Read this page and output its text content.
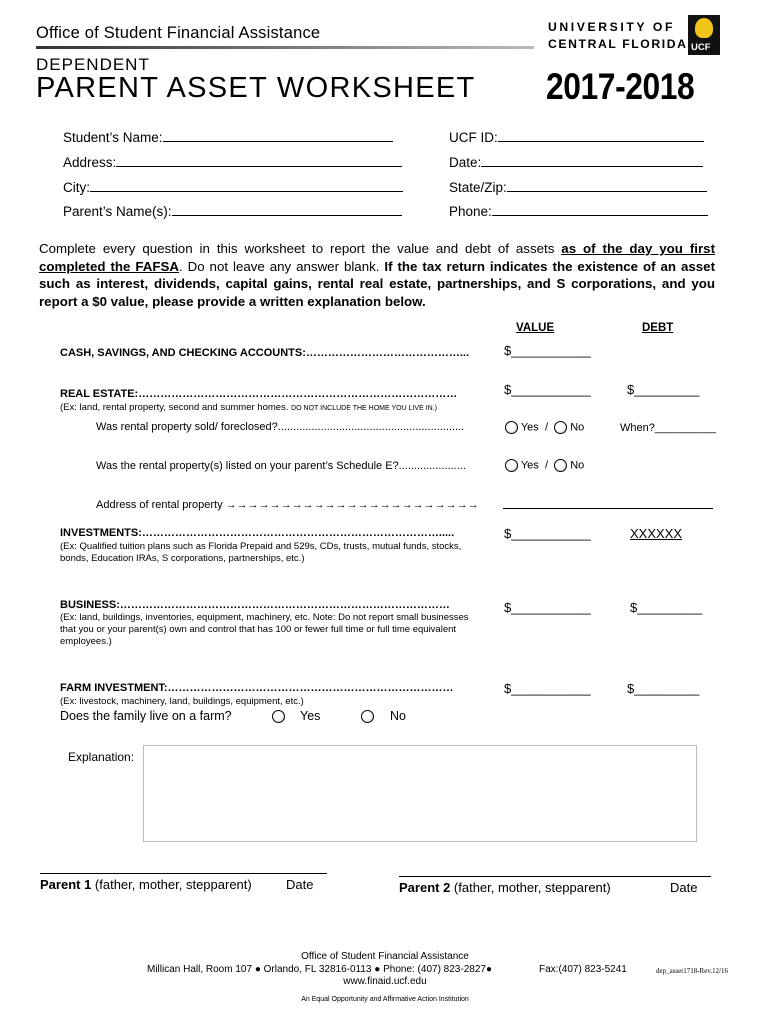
Office of Student Financial Assistance
DEPENDENT
PARENT ASSET WORKSHEET 2017-2018
UNIVERSITY OF
CENTRAL FLORIDA UCF
Student’s Name:
Address:
City:
Parent’s Name(s):
UCF ID:
Date:
State/Zip:
Phone:
Complete every question in this worksheet to report the value and debt of assets as of the day you first completed the FAFSA. Do not leave any answer blank. If the tax return indicates the existence of an asset such as interest, dividends, capital gains, rental real estate, partnerships, and S corporations, and you report a $0 value, please provide a written explanation below.
VALUE	DEBT
CASH, SAVINGS, AND CHECKING ACCOUNTS:……………………………………...	$___________
REAL ESTATE:……………………………………………………………………………
(Ex: land, rental property, second and summer homes. DO NOT INCLUDE THE HOME YOU LIVE IN.)
$___________	$_________
Was rental property sold/ foreclosed?.............................................................	Yes / No	When?__________
Was the rental property(s) listed on your parent’s Schedule E?......................	Yes / No
Address of rental property →→→→→→→→→→→→→→→→→→→→→→→
INVESTMENTS:……………………………………………………………………….....
(Ex: Qualified tuition plans such as Florida Prepaid and 529s, CDs, trusts, mutual funds, stocks, bonds, Education IRAs, S corporations, partnerships, etc.)
$___________	XXXXXX
BUSINESS:………………………………………………………………………………
(Ex: land, buildings, inventories, equipment, machinery, etc. Note: Do not report small businesses that you or your parent(s) own and control that has 100 or fewer full time or full time equivalent employees.)
$___________	$_________
FARM INVESTMENT:……………………………………………………………………
(Ex: livestock, machinery, land, buildings, equipment, etc.)
$___________	$_________
Does the family live on a farm?	Yes	No
Explanation:
Parent 1 (father, mother, stepparent)	Date	Parent 2 (father, mother, stepparent)	Date
Office of Student Financial Assistance
Millican Hall, Room 107 ● Orlando, FL 32816-0113 ● Phone: (407) 823-2827●	Fax:(407) 823-5241
www.finaid.ucf.edu
An Equal Opportunity and Affirmative Action Institution
dep_asset1718-Rev.12/16
